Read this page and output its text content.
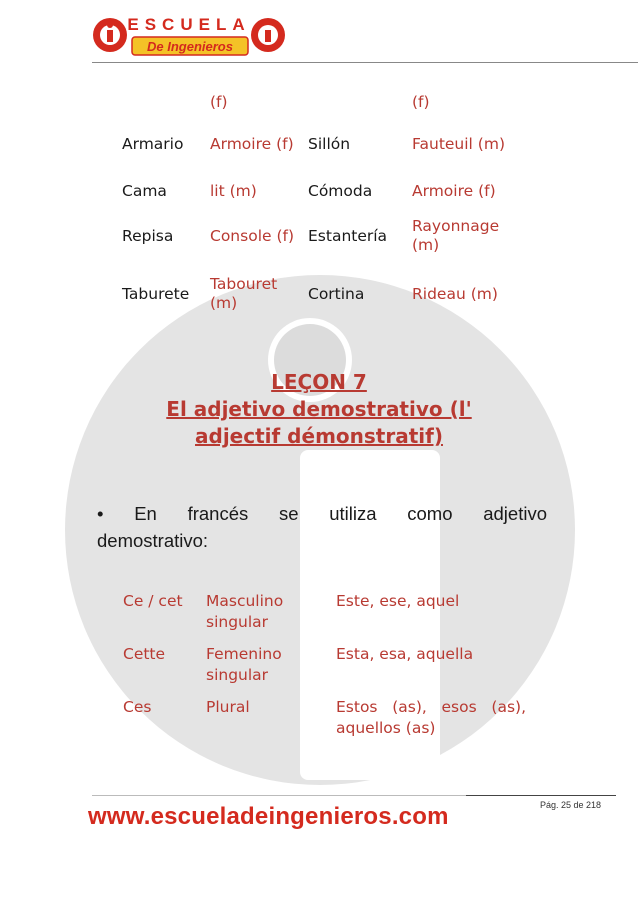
ESCUELA
De Ingenieros
	(f)		(f)
Armario	Armoire (f)	Sillón	Fauteuil (m)
Cama	lit (m)	Cómoda	Armoire (f)
Repisa	Console (f)	Estantería	Rayonnage (m)
Taburete	Tabouret (m)	Cortina	Rideau (m)
LEÇON 7
El adjetivo demostrativo (l'
adjectif démonstratif)
• En francés se utiliza como adjetivo
demostrativo:
Ce / cet	Masculino singular	Este, ese, aquel
Cette	Femenino singular	Esta, esa, aquella
Ces	Plural	Estos (as), esos (as), aquellos (as)
Pág. 25 de 218
www.escueladeingenieros.com
